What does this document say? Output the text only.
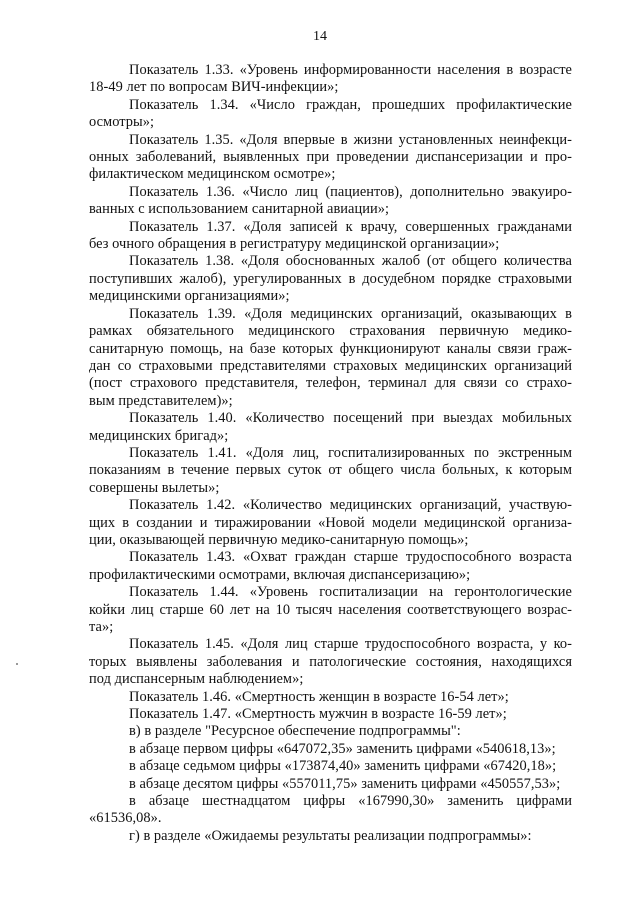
14
Показатель 1.33. «Уровень информированности населения в возрасте
18-49 лет по вопросам ВИЧ-инфекции»;
Показатель 1.34. «Число граждан, прошедших профилактические
осмотры»;
Показатель 1.35. «Доля впервые в жизни установленных неинфекци-
онных заболеваний, выявленных при проведении диспансеризации и про-
филактическом медицинском осмотре»;
Показатель 1.36. «Число лиц (пациентов), дополнительно эвакуиро-
ванных с использованием санитарной авиации»;
Показатель 1.37. «Доля записей к врачу, совершенных гражданами
без очного обращения в регистратуру медицинской организации»;
Показатель 1.38. «Доля обоснованных жалоб (от общего количества
поступивших жалоб), урегулированных в досудебном порядке страховыми
медицинскими организациями»;
Показатель 1.39. «Доля медицинских организаций, оказывающих в
рамках обязательного медицинского страхования первичную медико-
санитарную помощь, на базе которых функционируют каналы связи граж-
дан со страховыми представителями страховых медицинских организаций
(пост страхового представителя, телефон, терминал для связи со страхо-
вым представителем)»;
Показатель 1.40. «Количество посещений при выездах мобильных
медицинских бригад»;
Показатель 1.41. «Доля лиц, госпитализированных по экстренным
показаниям в течение первых суток от общего числа больных, к которым
совершены вылеты»;
Показатель 1.42. «Количество медицинских организаций, участвую-
щих в создании и тиражировании «Новой модели медицинской организа-
ции, оказывающей первичную медико-санитарную помощь»;
Показатель 1.43. «Охват граждан старше трудоспособного возраста
профилактическими осмотрами, включая диспансеризацию»;
Показатель 1.44. «Уровень госпитализации на геронтологические
койки лиц старше 60 лет на 10 тысяч населения соответствующего возрас-
та»;
Показатель 1.45. «Доля лиц старше трудоспособного возраста, у ко-
торых выявлены заболевания и патологические состояния, находящихся
под диспансерным наблюдением»;
Показатель 1.46. «Смертность женщин в возрасте 16-54 лет»;
Показатель 1.47. «Смертность мужчин в возрасте 16-59 лет»;
в) в разделе "Ресурсное обеспечение подпрограммы":
в абзаце первом цифры «647072,35» заменить цифрами «540618,13»;
в абзаце седьмом цифры «173874,40» заменить цифрами «67420,18»;
в абзаце десятом цифры «557011,75» заменить цифрами «450557,53»;
в абзаце шестнадцатом цифры «167990,30» заменить цифрами
«61536,08».
г) в разделе «Ожидаемы результаты реализации подпрограммы»:
